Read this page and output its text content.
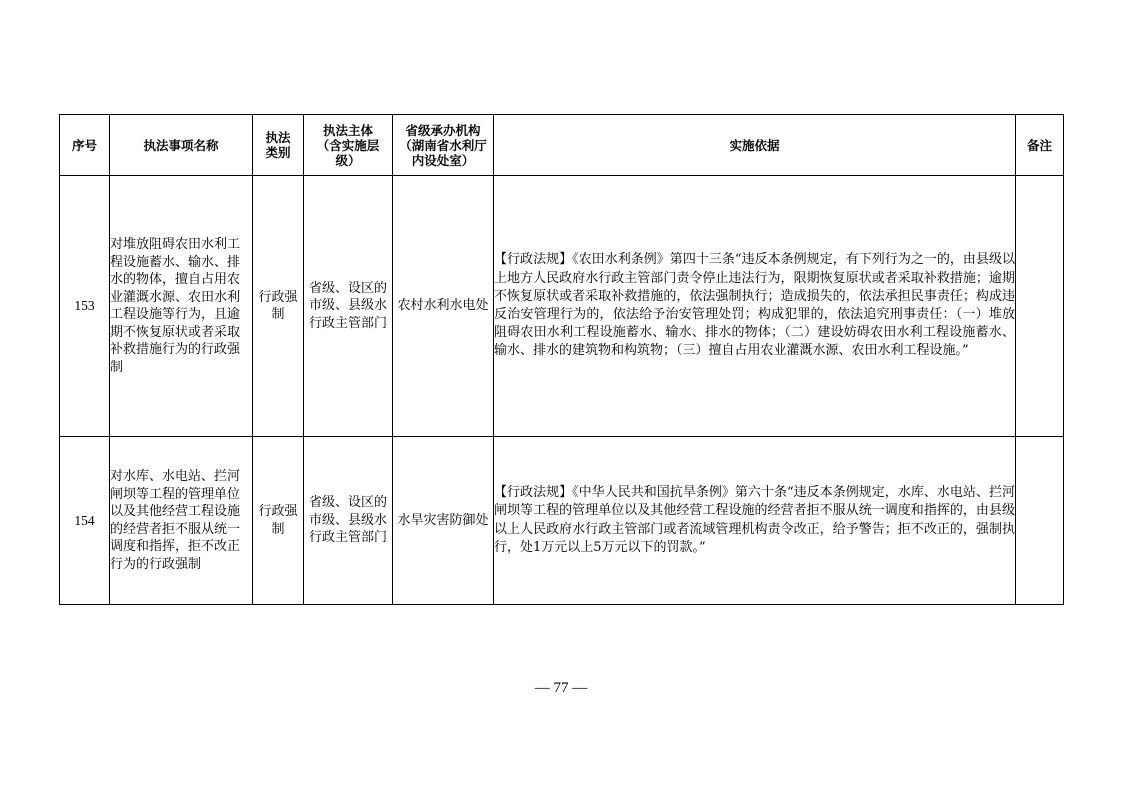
序号	执法事项名称	执法类别	执法主体（含实施层级）	省级承办机构（湖南省水利厅内设处室）	实施依据	备注
153	对堆放阻碍农田水利工程设施蓄水、输水、排水的物体，擅自占用农业灌溉水源、农田水利工程设施等行为，且逾期不恢复原状或者采取补救措施行为的行政强制	行政强制	省级、设区的市级、县级水行政主管部门	农村水利水电处	【行政法规】《农田水利条例》第四十三条“违反本条例规定，有下列行为之一的，由县级以上地方人民政府水行政主管部门责令停止违法行为，限期恢复原状或者采取补救措施；逾期不恢复原状或者采取补救措施的，依法强制执行；造成损失的，依法承担民事责任；构成违反治安管理行为的，依法给予治安管理处罚；构成犯罪的，依法追究刑事责任：（一）堆放阻碍农田水利工程设施蓄水、输水、排水的物体；（二）建设妨碍农田水利工程设施蓄水、输水、排水的建筑物和构筑物；（三）擅自占用农业灌溉水源、农田水利工程设施。”	
154	对水库、水电站、拦河闸坝等工程的管理单位以及其他经营工程设施的经营者拒不服从统一调度和指挥，拒不改正行为的行政强制	行政强制	省级、设区的市级、县级水行政主管部门	水旱灾害防御处	【行政法规】《中华人民共和国抗旱条例》第六十条“违反本条例规定，水库、水电站、拦河闸坝等工程的管理单位以及其他经营工程设施的经营者拒不服从统一调度和指挥的，由县级以上人民政府水行政主管部门或者流域管理机构责令改正，给予警告；拒不改正的，强制执行，处1万元以上5万元以下的罚款。”	
— 77 —
